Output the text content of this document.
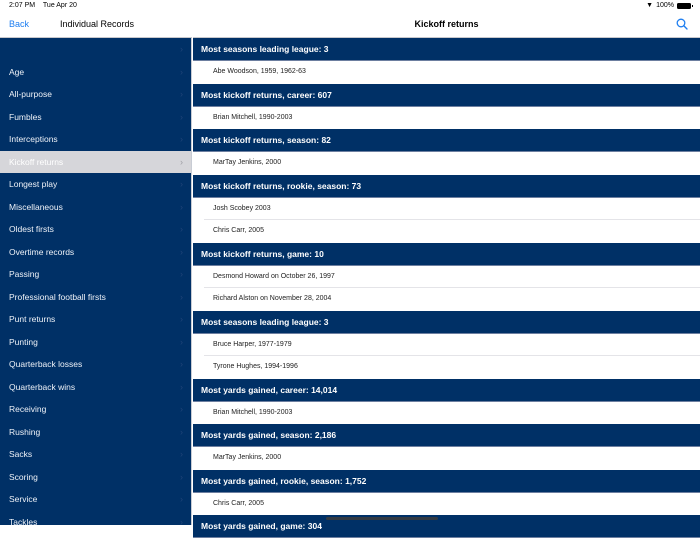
Back	Individual Records
›
Age	›
All-purpose	›
Fumbles	›
Interceptions	›
Kickoff returns	›
Longest play	›
Miscellaneous	›
Oldest firsts	›
Overtime records	›
Passing	›
Professional football firsts	›
Punt returns	›
Punting	›
Quarterback losses	›
Quarterback wins	›
Receiving	›
Rushing	›
Sacks	›
Scoring	›
Service	›
Tackles	›
Kickoff returns
Most seasons leading league: 3
Abe Woodson, 1959, 1962-63
Most kickoff returns, career: 607
Brian Mitchell, 1990-2003
Most kickoff returns, season: 82
MarTay Jenkins, 2000
Most kickoff returns, rookie, season: 73
Josh Scobey 2003
Chris Carr, 2005
Most kickoff returns, game: 10
Desmond Howard on October 26, 1997
Richard Alston on November 28, 2004
Most seasons leading league: 3
Bruce Harper, 1977-1979
Tyrone Hughes, 1994-1996
Most yards gained, career: 14,014
Brian Mitchell, 1990-2003
Most yards gained, season: 2,186
MarTay Jenkins, 2000
Most yards gained, rookie, season: 1,752
Chris Carr, 2005
Most yards gained, game: 304
2:07 PM Tue Apr 20	▼ 100%
